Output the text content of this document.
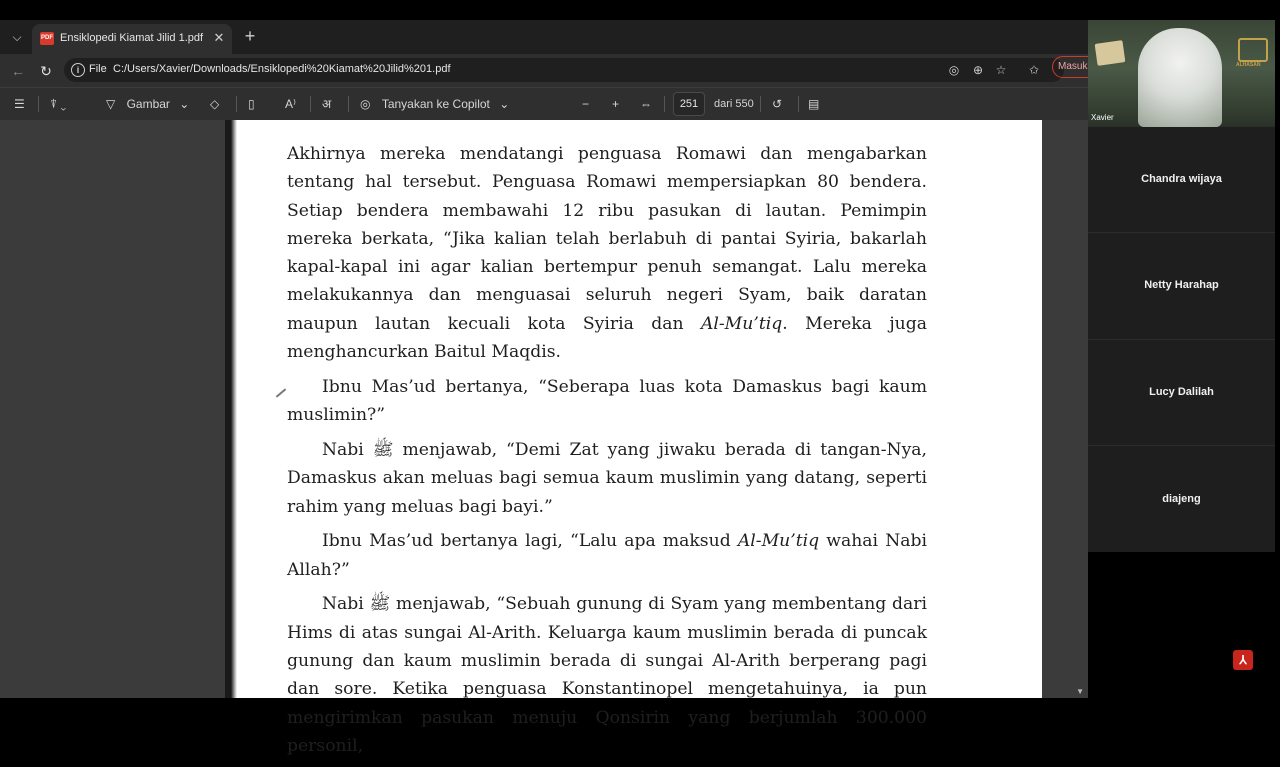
⌵	PDF Ensiklopedi Kiamat Jilid 1.pdf ✕ +
← ↻	i File C:/Users/Xavier/Downloads/Ensiklopedi%20Kiamat%20Jilid%201.pdf	◎ ⊕ ☆ ✩	Masuk
☰ ⍒ ⌄	▽ Gambar ⌄ ◇ ▯	A⁾ अ ◎ Tanyakan ke Copilot ⌄	− + ⇔	251	dari 550 ↺ ▤

Akhirnya mereka mendatangi penguasa Romawi dan mengabarkan tentang hal tersebut. Penguasa Romawi mempersiapkan 80 bendera. Setiap bendera membawahi 12 ribu pasukan di lautan. Pemimpin mereka berkata, “Jika kalian telah berlabuh di pantai Syiria, bakarlah kapal-kapal ini agar kalian bertempur penuh semangat. Lalu mereka melakukannya dan menguasai seluruh negeri Syam, baik daratan maupun lautan kecuali kota Syiria dan Al-Mu’tiq. Mereka juga menghancurkan Baitul Maqdis.

Ibnu Mas’ud bertanya, “Seberapa luas kota Damaskus bagi kaum muslimin?”

Nabi ﷺ menjawab, “Demi Zat yang jiwaku berada di tangan-Nya, Damaskus akan meluas bagi semua kaum muslimin yang datang, seperti rahim yang meluas bagi bayi.”

Ibnu Mas’ud bertanya lagi, “Lalu apa maksud Al-Mu’tiq wahai Nabi Allah?”

Nabi ﷺ menjawab, “Sebuah gunung di Syam yang membentang dari Hims di atas sungai Al-Arith. Keluarga kaum muslimin berada di puncak gunung dan kaum muslimin berada di sungai Al-Arith berperang pagi dan sore. Ketika penguasa Konstantinopel mengetahuinya, ia pun mengirimkan pasukan menuju Qonsirin yang berjumlah 300.000 personil,

▼
ALHASAN
Xavier
Chandra wijaya
Netty Harahap
Lucy Dalilah
diajeng
⅄
